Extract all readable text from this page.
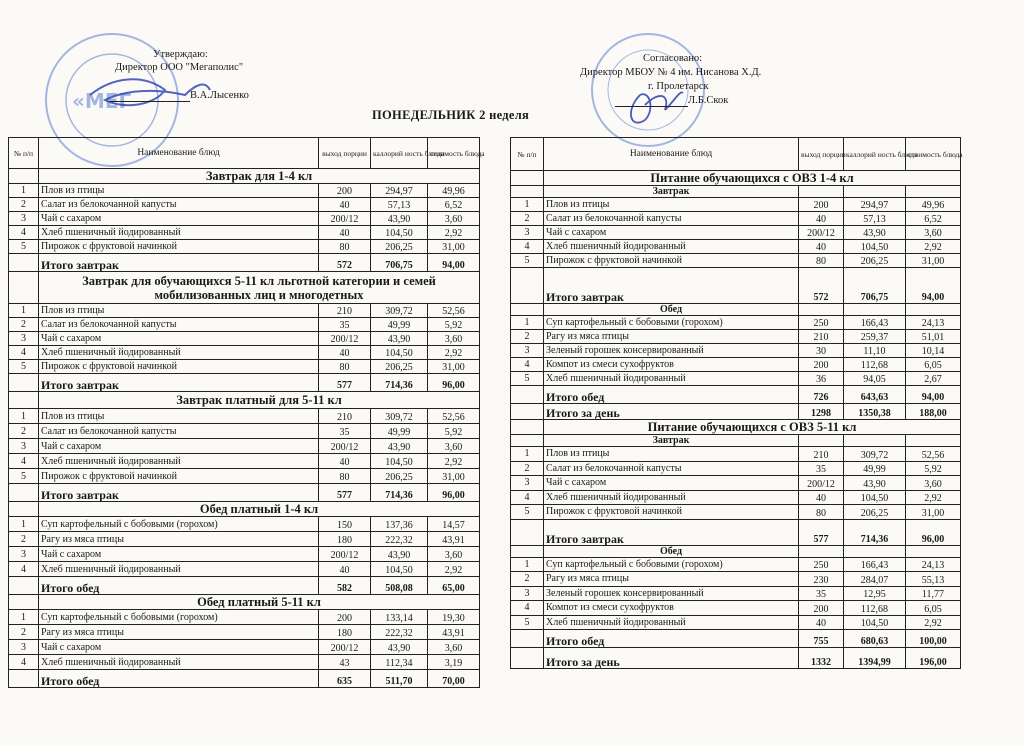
«МЕГ
Утверждаю:
Директор ООО "Мегаполис"
В.А.Лысенко
Согласовано:
Директор МБОУ № 4 им. Нисанова Х.Д.
г. Пролетарск
Л.Б.Скок
ПОНЕДЕЛЬНИК 2 неделя
№ п/п	Наименование блюд	выход порции	каллорий ность блюда	стоимость блюда
	Завтрак для 1-4 кл			
1	Плов из птицы	200	294,97	49,96
2	Салат из белокочанной капусты	40	57,13	6,52
3	Чай с сахаром	200/12	43,90	3,60
4	Хлеб пшеничный йодированный	40	104,50	2,92
5	Пирожок с фруктовой начинкой	80	206,25	31,00
	Итого завтрак	572	706,75	94,00
	Завтрак для обучающихся 5-11 кл льготной категории и семей мобилизованных лиц и многодетных			
1	Плов из птицы	210	309,72	52,56
2	Салат из белокочанной капусты	35	49,99	5,92
3	Чай с сахаром	200/12	43,90	3,60
4	Хлеб пшеничный йодированный	40	104,50	2,92
5	Пирожок с фруктовой начинкой	80	206,25	31,00
	Итого завтрак	577	714,36	96,00
	Завтрак платный для 5-11 кл			
1	Плов из птицы	210	309,72	52,56
2	Салат из белокочанной капусты	35	49,99	5,92
3	Чай с сахаром	200/12	43,90	3,60
4	Хлеб пшеничный йодированный	40	104,50	2,92
5	Пирожок с фруктовой начинкой	80	206,25	31,00
	Итого завтрак	577	714,36	96,00
	Обед платный 1-4 кл			
1	Суп картофельный с бобовыми (горохом)	150	137,36	14,57
2	Рагу из мяса птицы	180	222,32	43,91
3	Чай с сахаром	200/12	43,90	3,60
4	Хлеб пшеничный йодированный	40	104,50	2,92
	Итого обед	582	508,08	65,00
	Обед платный 5-11 кл			
1	Суп картофельный с бобовыми (горохом)	200	133,14	19,30
2	Рагу из мяса птицы	180	222,32	43,91
3	Чай с сахаром	200/12	43,90	3,60
4	Хлеб пшеничный йодированный	43	112,34	3,19
	Итого обед	635	511,70	70,00
№ п/п	Наименование блюд	выход порции	каллорий ность блюда	стоимость блюда
	Питание обучающихся с ОВЗ 1-4 кл			
	Завтрак			
1	Плов из птицы	200	294,97	49,96
2	Салат из белокочанной капусты	40	57,13	6,52
3	Чай с сахаром	200/12	43,90	3,60
4	Хлеб пшеничный йодированный	40	104,50	2,92
5	Пирожок с фруктовой начинкой	80	206,25	31,00
	Итого завтрак	572	706,75	94,00
	Обед			
1	Суп картофельный с бобовыми (горохом)	250	166,43	24,13
2	Рагу из мяса птицы	210	259,37	51,01
3	Зеленый горошек консервированный	30	11,10	10,14
4	Компот из смеси сухофруктов	200	112,68	6,05
5	Хлеб пшеничный йодированный	36	94,05	2,67
	Итого обед	726	643,63	94,00
	Итого за день	1298	1350,38	188,00
	Питание обучающихся с ОВЗ 5-11 кл			
	Завтрак			
1	Плов из птицы	210	309,72	52,56
2	Салат из белокочанной капусты	35	49,99	5,92
3	Чай с сахаром	200/12	43,90	3,60
4	Хлеб пшеничный йодированный	40	104,50	2,92
5	Пирожок с фруктовой начинкой	80	206,25	31,00
	Итого завтрак	577	714,36	96,00
	Обед			
1	Суп картофельный с бобовыми (горохом)	250	166,43	24,13
2	Рагу из мяса птицы	230	284,07	55,13
3	Зеленый горошек консервированный	35	12,95	11,77
4	Компот из смеси сухофруктов	200	112,68	6,05
5	Хлеб пшеничный йодированный	40	104,50	2,92
	Итого обед	755	680,63	100,00
	Итого за день	1332	1394,99	196,00
